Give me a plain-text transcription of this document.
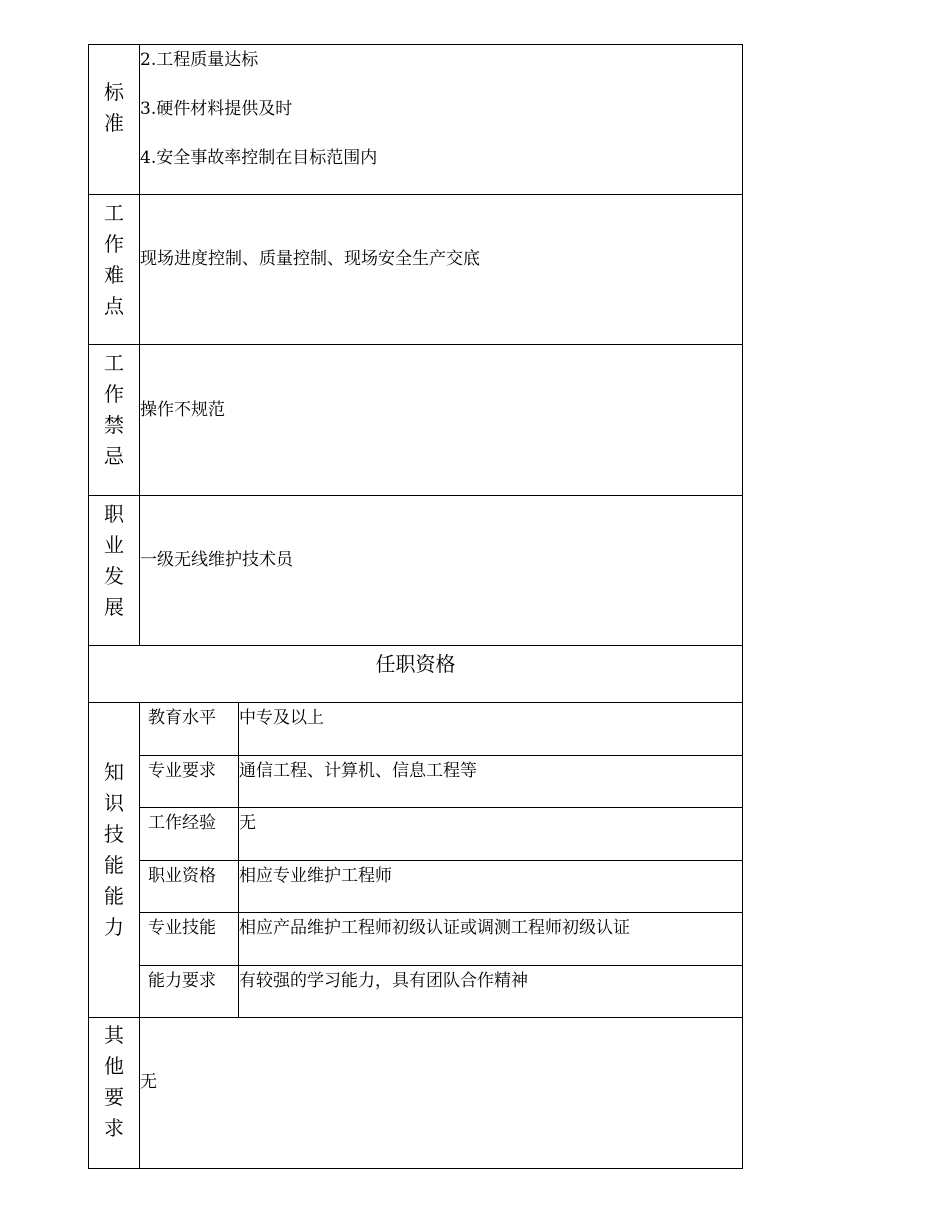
标
准
2.工程质量达标
3.硬件材料提供及时
4.安全事故率控制在目标范围内
工
作
难
点
现场进度控制、质量控制、现场安全生产交底
工
作
禁
忌
操作不规范
职
业
发
展
一级无线维护技术员
任职资格
知
识
技
能
能
力
教育水平 中专及以上
专业要求 通信工程、计算机、信息工程等
工作经验 无
职业资格 相应专业维护工程师
专业技能 相应产品维护工程师初级认证或调测工程师初级认证
能力要求 有较强的学习能力，具有团队合作精神
其
他
要
求
无
